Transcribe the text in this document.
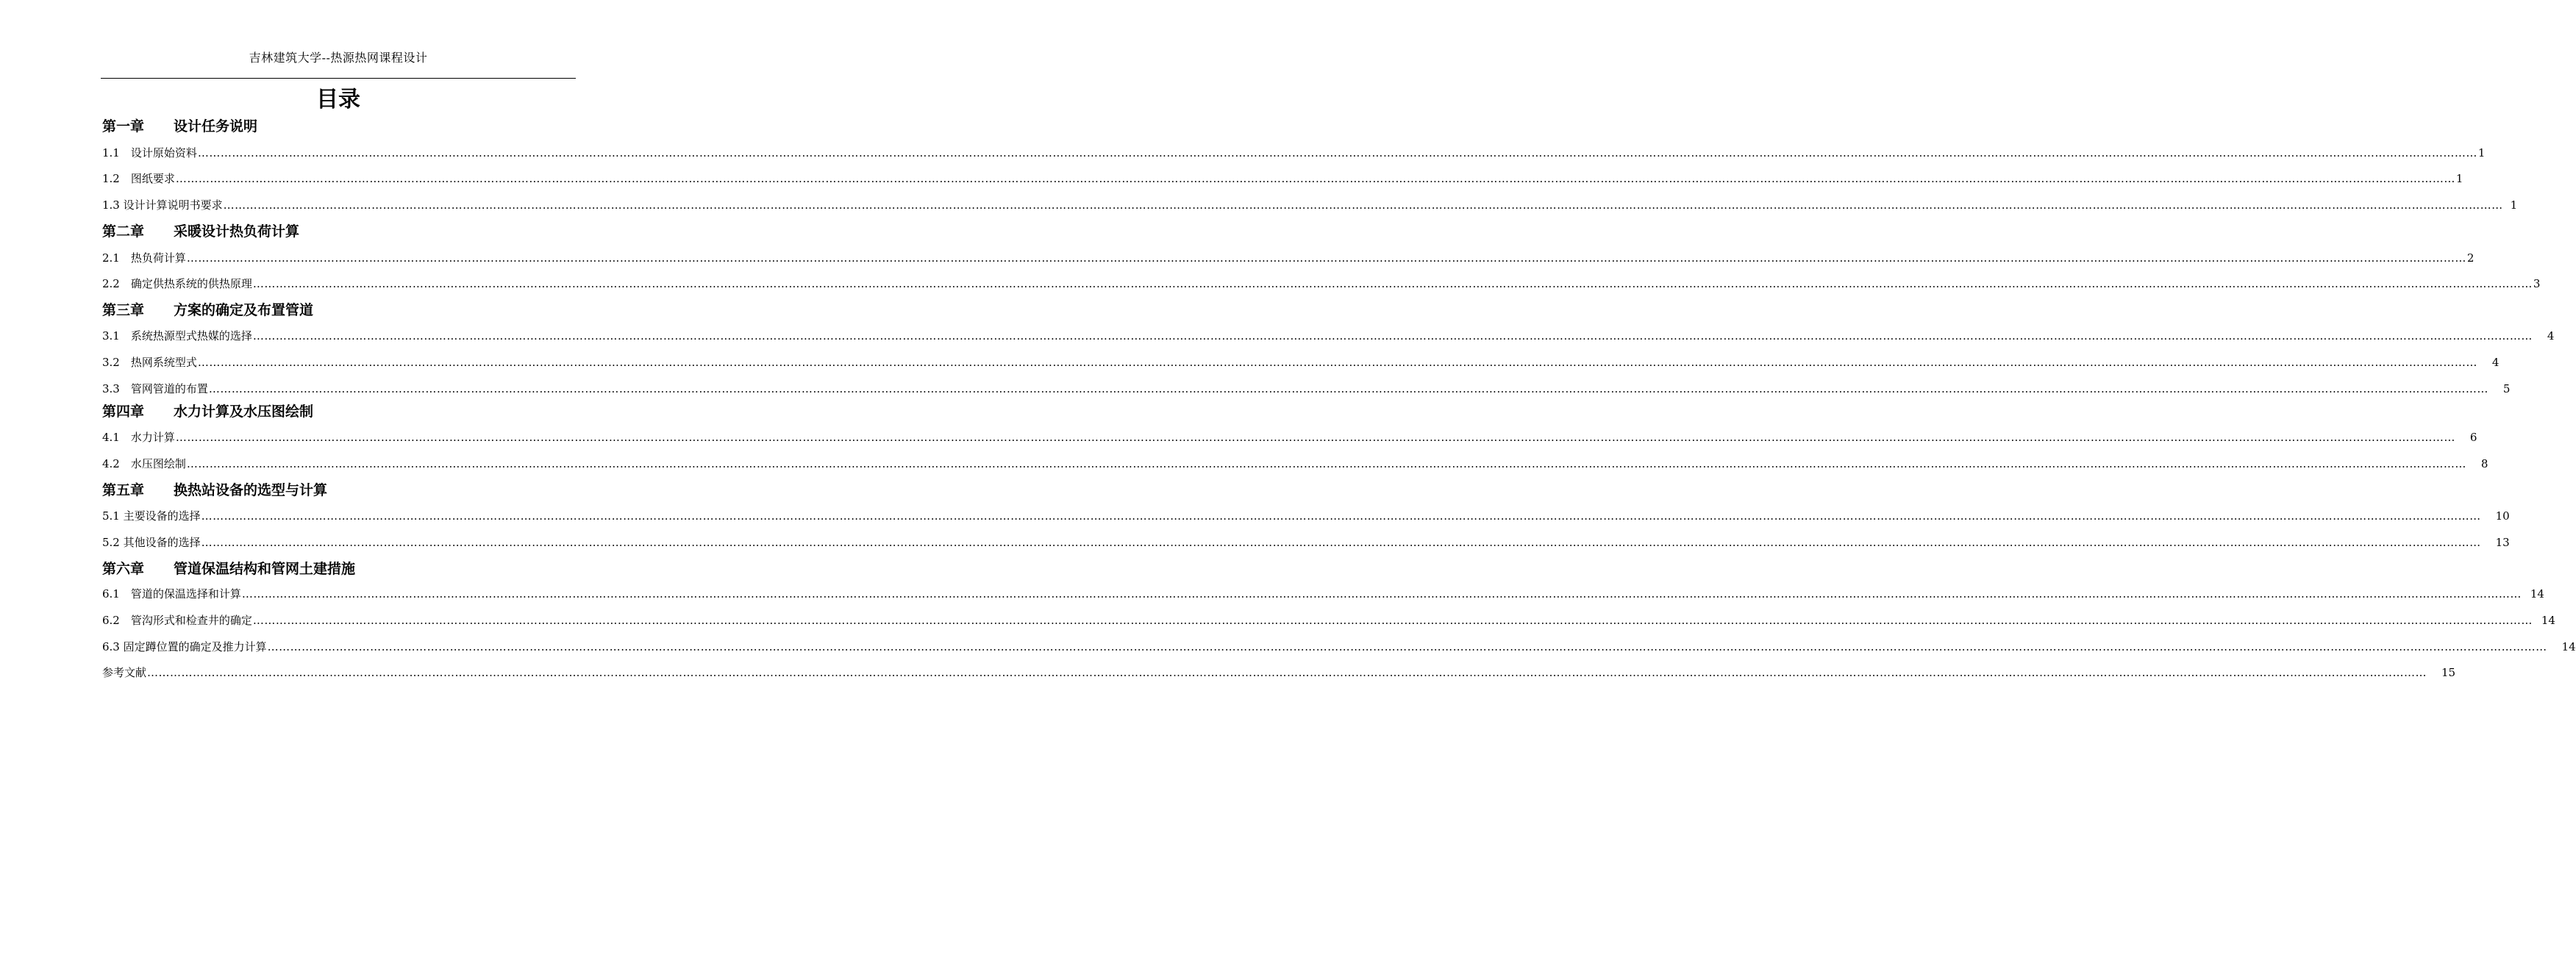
吉林建筑大学--热源热网课程设计
目录
第一章 设计任务说明
1.1　设计原始资料 …………………………………………………………………………………………………………………………………………………………………………………………………………………………………………………………………………………………………………………………………………………………………………………………………………………………………………………………………………………………………………………………………………………… 1
1.2　图纸要求 …………………………………………………………………………………………………………………………………………………………………………………………………………………………………………………………………………………………………………………………………………………………………………………………………………………………………………………………………………………………………………………………………………………… 1
1.3 设计计算说明书要求 …………………………………………………………………………………………………………………………………………………………………………………………………………………………………………………………………………………………………………………………………………………………………………………………………………………………………………………………………………………………………………………………………………………… 1
第二章 采暖设计热负荷计算
2.1　热负荷计算 …………………………………………………………………………………………………………………………………………………………………………………………………………………………………………………………………………………………………………………………………………………………………………………………………………………………………………………………………………………………………………………………………………………… 2
2.2　确定供热系统的供热原理 …………………………………………………………………………………………………………………………………………………………………………………………………………………………………………………………………………………………………………………………………………………………………………………………………………………………………………………………………………………………………………………………………………………… 3
第三章 方案的确定及布置管道
3.1　系统热源型式热媒的选择 …………………………………………………………………………………………………………………………………………………………………………………………………………………………………………………………………………………………………………………………………………………………………………………………………………………………………………………………………………………………………………………………………………………… 4
3.2　热网系统型式 …………………………………………………………………………………………………………………………………………………………………………………………………………………………………………………………………………………………………………………………………………………………………………………………………………………………………………………………………………………………………………………………………………………… 4
3.3　管网管道的布置 …………………………………………………………………………………………………………………………………………………………………………………………………………………………………………………………………………………………………………………………………………………………………………………………………………………………………………………………………………………………………………………………………………………… 5
第四章 水力计算及水压图绘制
4.1　水力计算 …………………………………………………………………………………………………………………………………………………………………………………………………………………………………………………………………………………………………………………………………………………………………………………………………………………………………………………………………………………………………………………………………………………… 6
4.2　水压图绘制 …………………………………………………………………………………………………………………………………………………………………………………………………………………………………………………………………………………………………………………………………………………………………………………………………………………………………………………………………………………………………………………………………………………… 8
第五章 换热站设备的选型与计算
5.1 主要设备的选择 …………………………………………………………………………………………………………………………………………………………………………………………………………………………………………………………………………………………………………………………………………………………………………………………………………………………………………………………………………………………………………………………………………………… 10
5.2 其他设备的选择 …………………………………………………………………………………………………………………………………………………………………………………………………………………………………………………………………………………………………………………………………………………………………………………………………………………………………………………………………………………………………………………………………………………… 13
第六章 管道保温结构和管网土建措施
6.1　管道的保温选择和计算 …………………………………………………………………………………………………………………………………………………………………………………………………………………………………………………………………………………………………………………………………………………………………………………………………………………………………………………………………………………………………………………………………………………… 14
6.2　管沟形式和检查井的确定 …………………………………………………………………………………………………………………………………………………………………………………………………………………………………………………………………………………………………………………………………………………………………………………………………………………………………………………………………………………………………………………………………………………… 14
6.3 固定蹲位置的确定及推力计算 …………………………………………………………………………………………………………………………………………………………………………………………………………………………………………………………………………………………………………………………………………………………………………………………………………………………………………………………………………………………………………………………………………………… 14
参考文献 …………………………………………………………………………………………………………………………………………………………………………………………………………………………………………………………………………………………………………………………………………………………………………………………………………………………………………………………………………………………………………………………………………………… 15
